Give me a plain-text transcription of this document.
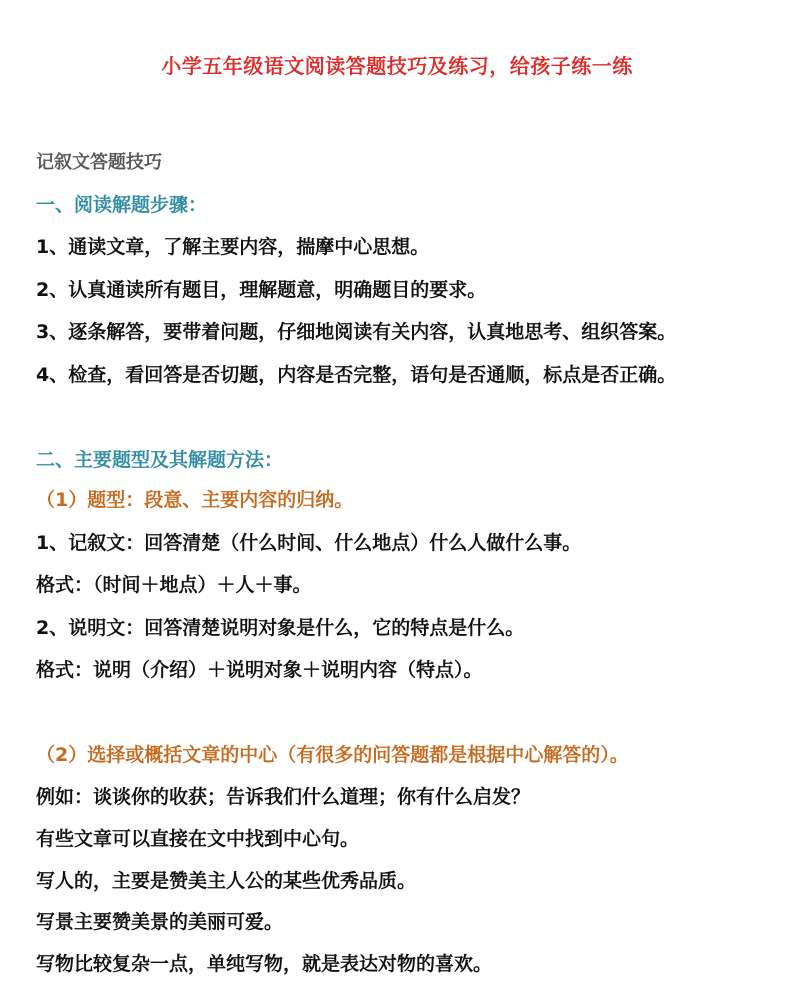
小学五年级语文阅读答题技巧及练习，给孩子练一练
记叙文答题技巧
一、阅读解题步骤：
1、通读文章，了解主要内容，揣摩中心思想。
2、认真通读所有题目，理解题意，明确题目的要求。
3、逐条解答，要带着问题，仔细地阅读有关内容，认真地思考、组织答案。
4、检查，看回答是否切题，内容是否完整，语句是否通顺，标点是否正确。
二、主要题型及其解题方法：
（1）题型：段意、主要内容的归纳。
1、记叙文：回答清楚（什么时间、什么地点）什么人做什么事。
格式：（时间＋地点）＋人＋事。
2、说明文：回答清楚说明对象是什么，它的特点是什么。
格式：说明（介绍）＋说明对象＋说明内容（特点）。
（2）选择或概括文章的中心（有很多的问答题都是根据中心解答的）。
例如：谈谈你的收获；告诉我们什么道理；你有什么启发？
有些文章可以直接在文中找到中心句。
写人的，主要是赞美主人公的某些优秀品质。
写景主要赞美景的美丽可爱。
写物比较复杂一点，单纯写物，就是表达对物的喜欢。
